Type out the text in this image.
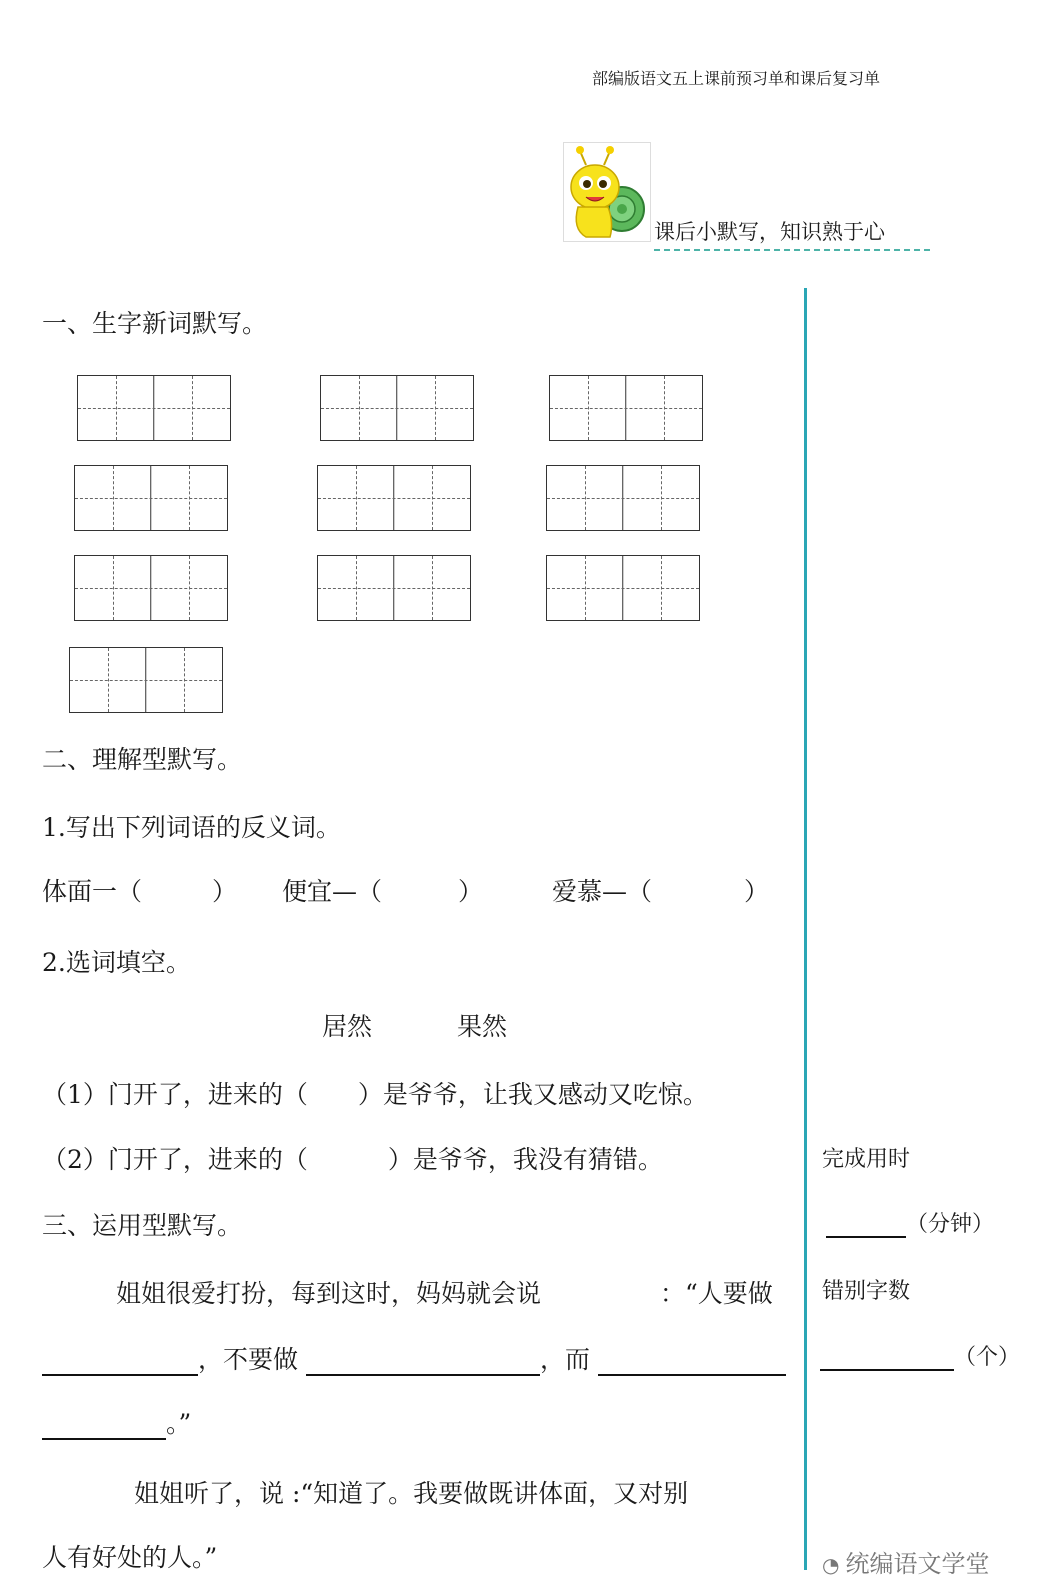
部编版语文五上课前预习单和课后复习单
课后小默写，知识熟于心
一、生字新词默写。
二、理解型默写。
1.写出下列词语的反义词。
体面一（	） 便宜—（	）	爱慕—（	）
2.选词填空。
居然	果然
（1）门开了，进来的（ ）是爷爷，让我又感动又吃惊。
（2）门开了，进来的（	）是爷爷，我没有猜错。
三、运用型默写。
姐姐很爱打扮，每到这时，妈妈就会说	：“人要做
，不要做	，而
。”
姐姐听了，说 :“知道了。我要做既讲体面，又对别
人有好处的人。”
完成用时
（分钟）
错别字数
（个）
◔ 统编语文学堂
